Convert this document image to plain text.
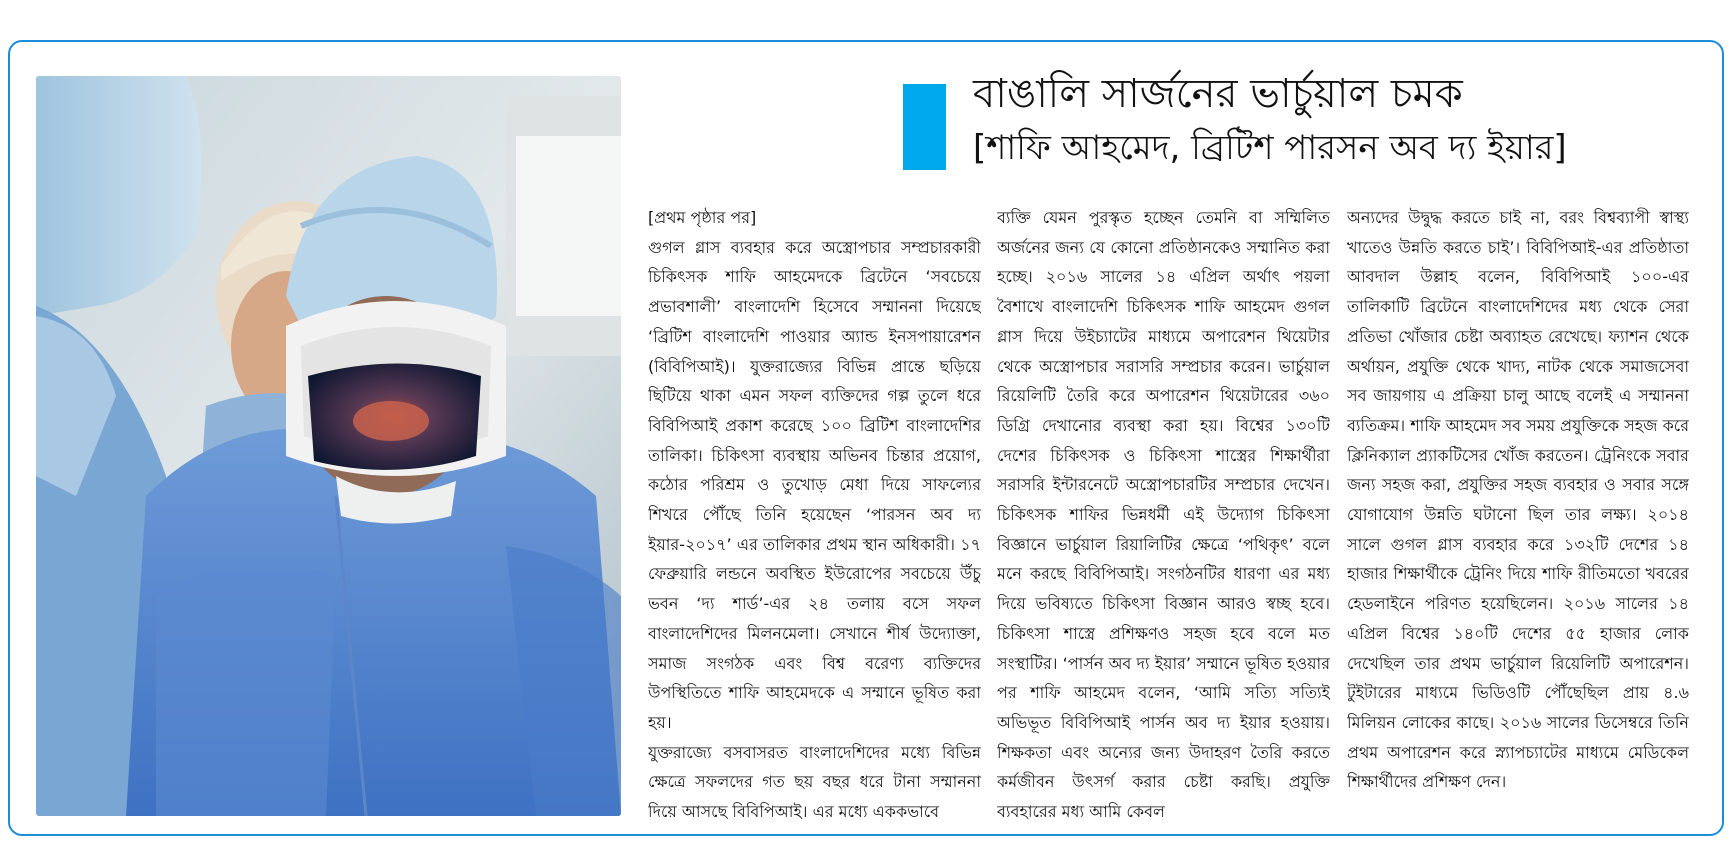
বাঙালি সার্জনের ভার্চুয়াল চমক
[শাফি আহমেদ, ব্রিটিশ পারসন অব দ্য ইয়ার]

[প্রথম পৃষ্ঠার পর]

গুগল গ্লাস ব্যবহার করে অস্ত্রোপচার সম্প্রচারকারী চিকিৎসক শাফি আহমেদকে ব্রিটেনে ‘সবচেয়ে প্রভাবশালী’ বাংলাদেশি হিসেবে সম্মাননা দিয়েছে ‘ব্রিটিশ বাংলাদেশি পাওয়ার অ্যান্ড ইনসপায়ারেশন (বিবিপিআই)। যুক্তরাজ্যের বিভিন্ন প্রান্তে ছড়িয়ে ছিটিয়ে থাকা এমন সফল ব্যক্তিদের গল্প তুলে ধরে বিবিপিআই প্রকাশ করেছে ১০০ ব্রিটিশ বাংলাদেশির তালিকা। চিকিৎসা ব্যবস্থায় অভিনব চিন্তার প্রয়োগ, কঠোর পরিশ্রম ও তুখোড় মেধা দিয়ে সাফল্যের শিখরে পৌঁছে তিনি হয়েছেন ‘পারসন অব দ্য ইয়ার-২০১৭’ এর তালিকার প্রথম স্থান অধিকারী। ১৭ ফেব্রুয়ারি লন্ডনে অবস্থিত ইউরোপের সবচেয়ে উঁচু ভবন ‘দ্য শার্ড’-এর ২৪ তলায় বসে সফল বাংলাদেশিদের মিলনমেলা। সেখানে শীর্ষ উদ্যোক্তা, সমাজ সংগঠক এবং বিশ্ব বরেণ্য ব্যক্তিদের উপস্থিতিতে শাফি আহমেদকে এ সম্মানে ভূষিত করা হয়।

যুক্তরাজ্যে বসবাসরত বাংলাদেশিদের মধ্যে বিভিন্ন ক্ষেত্রে সফলদের গত ছয় বছর ধরে টানা সম্মাননা দিয়ে আসছে বিবিপিআই। এর মধ্যে এককভাবে

ব্যক্তি যেমন পুরস্কৃত হচ্ছেন তেমনি বা সম্মিলিত অর্জনের জন্য যে কোনো প্রতিষ্ঠানকেও সম্মানিত করা হচ্ছে। ২০১৬ সালের ১৪ এপ্রিল অর্থাৎ পয়লা বৈশাখে বাংলাদেশি চিকিৎসক শাফি আহমেদ গুগল গ্লাস দিয়ে উইচ্যাটের মাধ্যমে অপারেশন থিয়েটার থেকে অস্ত্রোপচার সরাসরি সম্প্রচার করেন। ভার্চুয়াল রিয়েলিটি তৈরি করে অপারেশন থিয়েটারের ৩৬০ ডিগ্রি দেখানোর ব্যবস্থা করা হয়। বিশ্বের ১৩০টি দেশের চিকিৎসক ও চিকিৎসা শাস্ত্রের শিক্ষার্থীরা সরাসরি ইন্টারনেটে অস্ত্রোপচারটির সম্প্রচার দেখেন। চিকিৎসক শাফির ভিন্নধর্মী এই উদ্যোগ চিকিৎসা বিজ্ঞানে ভার্চুয়াল রিয়ালিটির ক্ষেত্রে ‘পথিকৃৎ’ বলে মনে করছে বিবিপিআই। সংগঠনটির ধারণা এর মধ্য দিয়ে ভবিষ্যতে চিকিৎসা বিজ্ঞান আরও স্বচ্ছ হবে। চিকিৎসা শাস্ত্রে প্রশিক্ষণও সহজ হবে বলে মত সংস্থাটির। ‘পার্সন অব দ্য ইয়ার’ সম্মানে ভূষিত হওয়ার পর শাফি আহমেদ বলেন, ‘আমি সত্যি সত্যিই অভিভূত বিবিপিআই পার্সন অব দ্য ইয়ার হওয়ায়। শিক্ষকতা এবং অন্যের জন্য উদাহরণ তৈরি করতে কর্মজীবন উৎসর্গ করার চেষ্টা করছি। প্রযুক্তি ব্যবহারের মধ্য আমি কেবল

অন্যদের উদ্বুদ্ধ করতে চাই না, বরং বিশ্বব্যাপী স্বাস্থ্য খাতেও উন্নতি করতে চাই’। বিবিপিআই-এর প্রতিষ্ঠাতা আবদাল উল্লাহ বলেন, বিবিপিআই ১০০-এর তালিকাটি ব্রিটেনে বাংলাদেশিদের মধ্য থেকে সেরা প্রতিভা খোঁজার চেষ্টা অব্যাহত রেখেছে। ফ্যাশন থেকে অর্থায়ন, প্রযুক্তি থেকে খাদ্য, নাটক থেকে সমাজসেবা সব জায়গায় এ প্রক্রিয়া চালু আছে বলেই এ সম্মাননা ব্যতিক্রম। শাফি আহমেদ সব সময় প্রযুক্তিকে সহজ করে ক্লিনিক্যাল প্র্যাকটিসের খোঁজ করতেন। ট্রেনিংকে সবার জন্য সহজ করা, প্রযুক্তির সহজ ব্যবহার ও সবার সঙ্গে যোগাযোগ উন্নতি ঘটানো ছিল তার লক্ষ্য। ২০১৪ সালে গুগল গ্লাস ব্যবহার করে ১৩২টি দেশের ১৪ হাজার শিক্ষার্থীকে ট্রেনিং দিয়ে শাফি রীতিমতো খবরের হেডলাইনে পরিণত হয়েছিলেন। ২০১৬ সালের ১৪ এপ্রিল বিশ্বের ১৪০টি দেশের ৫৫ হাজার লোক দেখেছিল তার প্রথম ভার্চুয়াল রিয়েলিটি অপারেশন। টুইটারের মাধ্যমে ভিডিওটি পৌঁছেছিল প্রায় ৪.৬ মিলিয়ন লোকের কাছে। ২০১৬ সালের ডিসেম্বরে তিনি প্রথম অপারেশন করে স্ন্যাপচ্যাটের মাধ্যমে মেডিকেল শিক্ষার্থীদের প্রশিক্ষণ দেন।
